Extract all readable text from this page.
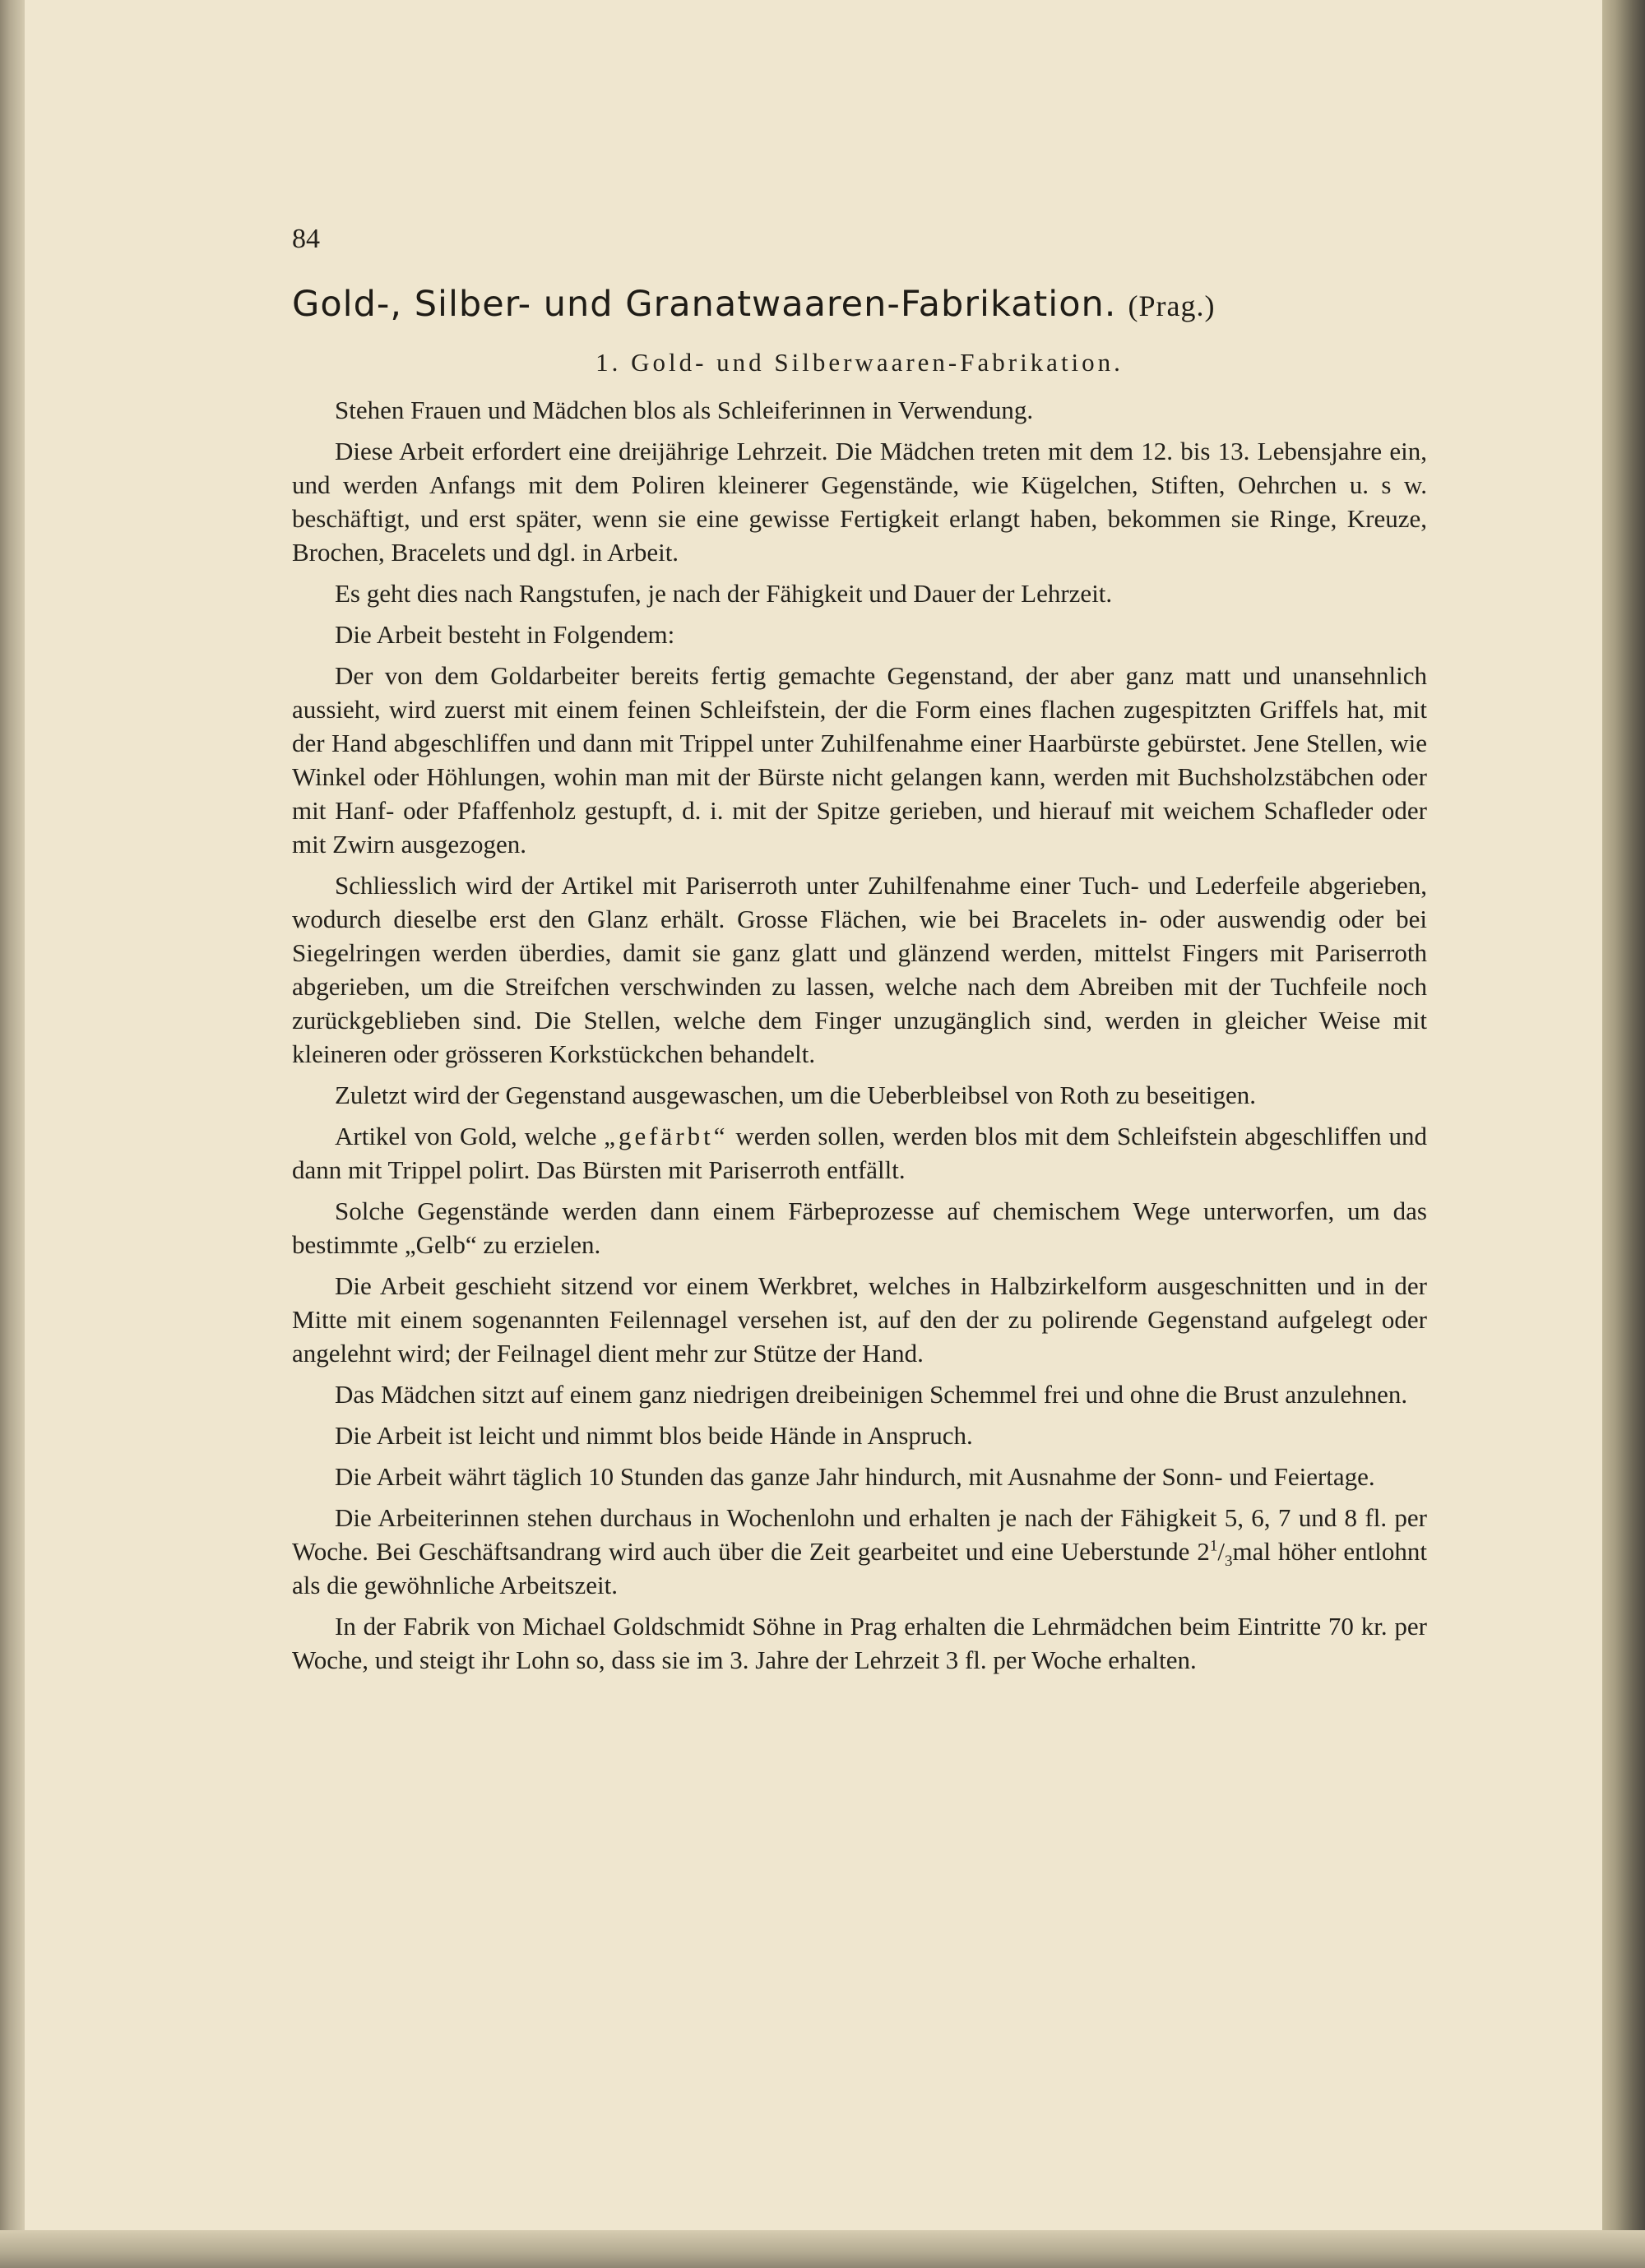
84
Gold-, Silber- und Granatwaaren-Fabrikation. (Prag.)
1. Gold- und Silberwaaren-Fabrikation.

Stehen Frauen und Mädchen blos als Schleiferinnen in Verwendung.

Diese Arbeit erfordert eine dreijährige Lehrzeit. Die Mädchen treten mit dem 12. bis 13. Lebensjahre ein, und werden Anfangs mit dem Poliren kleinerer Gegenstände, wie Kügelchen, Stiften, Oehrchen u. s w. beschäftigt, und erst später, wenn sie eine gewisse Fertigkeit erlangt haben, bekommen sie Ringe, Kreuze, Brochen, Bracelets und dgl. in Arbeit.

Es geht dies nach Rangstufen, je nach der Fähigkeit und Dauer der Lehrzeit.

Die Arbeit besteht in Folgendem:

Der von dem Goldarbeiter bereits fertig gemachte Gegenstand, der aber ganz matt und unansehnlich aussieht, wird zuerst mit einem feinen Schleifstein, der die Form eines flachen zugespitzten Griffels hat, mit der Hand abgeschliffen und dann mit Trippel unter Zuhilfenahme einer Haarbürste gebürstet. Jene Stellen, wie Winkel oder Höhlungen, wohin man mit der Bürste nicht gelangen kann, werden mit Buchsholzstäbchen oder mit Hanf- oder Pfaffenholz gestupft, d. i. mit der Spitze gerieben, und hierauf mit weichem Schafleder oder mit Zwirn ausgezogen.

Schliesslich wird der Artikel mit Pariserroth unter Zuhilfenahme einer Tuch- und Lederfeile abgerieben, wodurch dieselbe erst den Glanz erhält. Grosse Flächen, wie bei Bracelets in- oder auswendig oder bei Siegelringen werden überdies, damit sie ganz glatt und glänzend werden, mittelst Fingers mit Pariserroth abgerieben, um die Streifchen verschwinden zu lassen, welche nach dem Abreiben mit der Tuchfeile noch zurückgeblieben sind. Die Stellen, welche dem Finger unzugänglich sind, werden in gleicher Weise mit kleineren oder grösseren Korkstückchen behandelt.

Zuletzt wird der Gegenstand ausgewaschen, um die Ueberbleibsel von Roth zu beseitigen.

Artikel von Gold, welche „gefärbt“ werden sollen, werden blos mit dem Schleifstein abgeschliffen und dann mit Trippel polirt. Das Bürsten mit Pariserroth entfällt.

Solche Gegenstände werden dann einem Färbeprozesse auf chemischem Wege unterworfen, um das bestimmte „Gelb“ zu erzielen.

Die Arbeit geschieht sitzend vor einem Werkbret, welches in Halbzirkelform ausgeschnitten und in der Mitte mit einem sogenannten Feilennagel versehen ist, auf den der zu polirende Gegenstand aufgelegt oder angelehnt wird; der Feilnagel dient mehr zur Stütze der Hand.

Das Mädchen sitzt auf einem ganz niedrigen dreibeinigen Schemmel frei und ohne die Brust anzulehnen.

Die Arbeit ist leicht und nimmt blos beide Hände in Anspruch.

Die Arbeit währt täglich 10 Stunden das ganze Jahr hindurch, mit Ausnahme der Sonn- und Feiertage.

Die Arbeiterinnen stehen durchaus in Wochenlohn und erhalten je nach der Fähigkeit 5, 6, 7 und 8 fl. per Woche. Bei Geschäftsandrang wird auch über die Zeit gearbeitet und eine Ueberstunde $2^1/_3mal$ höher entlohnt als die gewöhnliche Arbeitszeit.

In der Fabrik von Michael Goldschmidt Söhne in Prag erhalten die Lehrmädchen beim Eintritte 70 kr. per Woche, und steigt ihr Lohn so, dass sie im 3. Jahre der Lehrzeit 3 fl. per Woche erhalten.
